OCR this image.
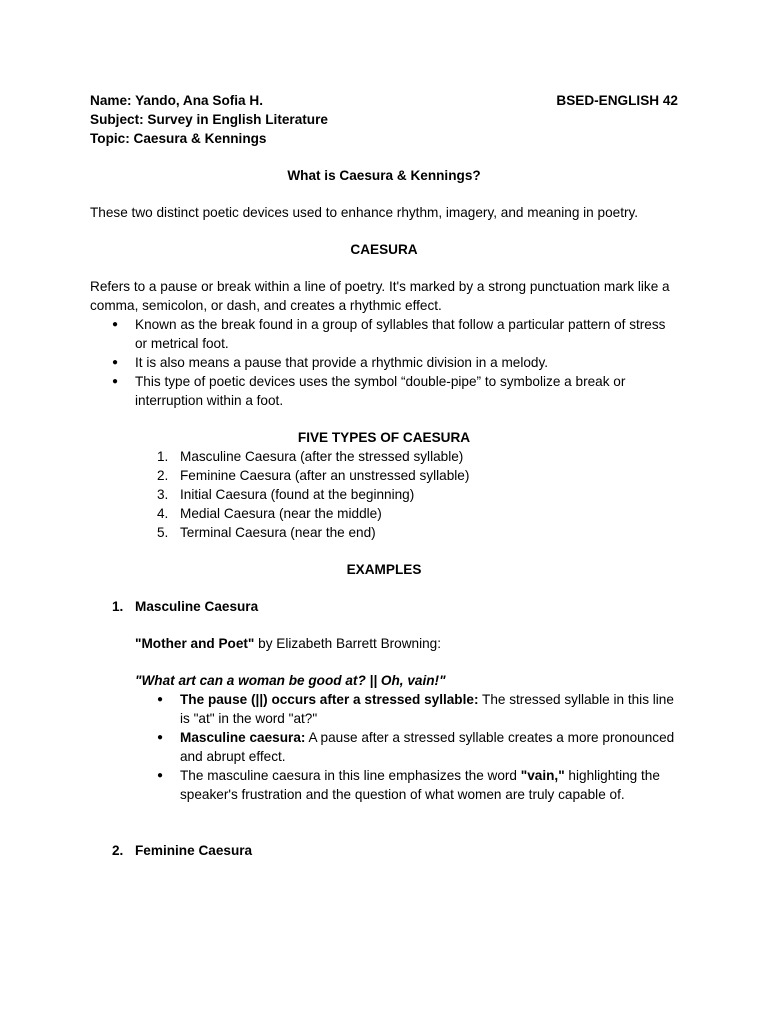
Name: Yando, Ana Sofia H.	BSED-ENGLISH 42
Subject: Survey in English Literature
Topic: Caesura & Kennings
What is Caesura & Kennings?

These two distinct poetic devices used to enhance rhythm, imagery, and meaning in poetry.

CAESURA

Refers to a pause or break within a line of poetry. It's marked by a strong punctuation mark like a comma, semicolon, or dash, and creates a rhythmic effect.

● Known as the break found in a group of syllables that follow a particular pattern of stress or metrical foot.
● It is also means a pause that provide a rhythmic division in a melody.
● This type of poetic devices uses the symbol “double-pipe” to symbolize a break or interruption within a foot.
FIVE TYPES OF CAESURA
1. Masculine Caesura (after the stressed syllable)
2. Feminine Caesura (after an unstressed syllable)
3. Initial Caesura (found at the beginning)
4. Medial Caesura (near the middle)
5. Terminal Caesura (near the end)
EXAMPLES
1. Masculine Caesura

"Mother and Poet" by Elizabeth Barrett Browning:

"What art can a woman be good at? || Oh, vain!"

● The pause (||) occurs after a stressed syllable: The stressed syllable in this line is "at" in the word "at?"
● Masculine caesura: A pause after a stressed syllable creates a more pronounced and abrupt effect.
● The masculine caesura in this line emphasizes the word "vain," highlighting the speaker's frustration and the question of what women are truly capable of.
2. Feminine Caesura
